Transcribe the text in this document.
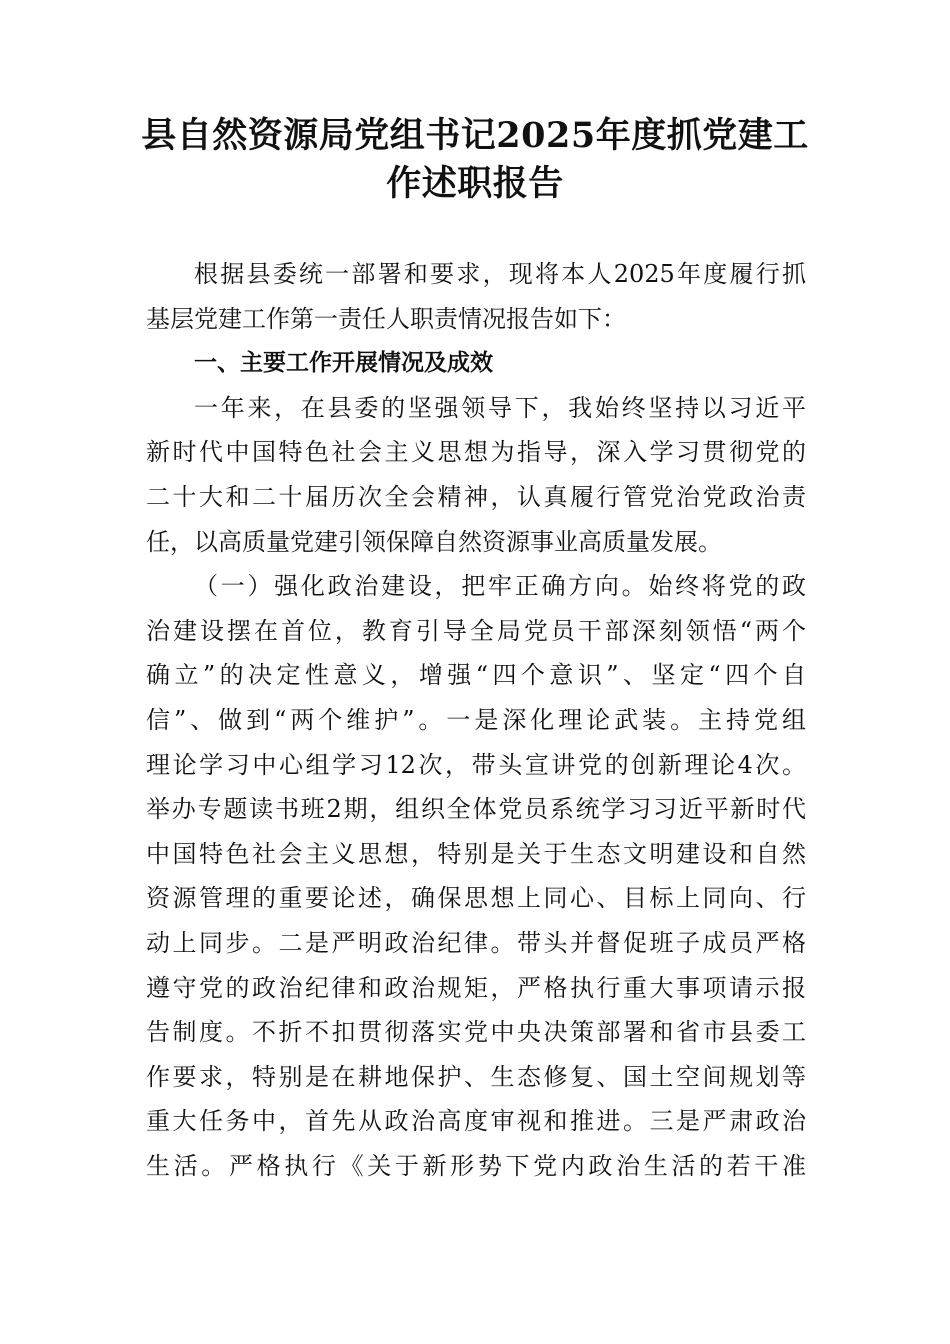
县自然资源局党组书记2025年度抓党建工
作述职报告
根据县委统一部署和要求，现将本人2025年度履行抓
基层党建工作第一责任人职责情况报告如下：
一、主要工作开展情况及成效
一年来，在县委的坚强领导下，我始终坚持以习近平
新时代中国特色社会主义思想为指导，深入学习贯彻党的
二十大和二十届历次全会精神，认真履行管党治党政治责
任，以高质量党建引领保障自然资源事业高质量发展。
（一）强化政治建设，把牢正确方向。始终将党的政
治建设摆在首位，教育引导全局党员干部深刻领悟“两个
确立”的决定性意义，增强“四个意识”、坚定“四个自
信”、做到“两个维护”。一是深化理论武装。主持党组
理论学习中心组学习12次，带头宣讲党的创新理论4次。
举办专题读书班2期，组织全体党员系统学习习近平新时代
中国特色社会主义思想，特别是关于生态文明建设和自然
资源管理的重要论述，确保思想上同心、目标上同向、行
动上同步。二是严明政治纪律。带头并督促班子成员严格
遵守党的政治纪律和政治规矩，严格执行重大事项请示报
告制度。不折不扣贯彻落实党中央决策部署和省市县委工
作要求，特别是在耕地保护、生态修复、国土空间规划等
重大任务中，首先从政治高度审视和推进。三是严肃政治
生活。严格执行《关于新形势下党内政治生活的若干准
